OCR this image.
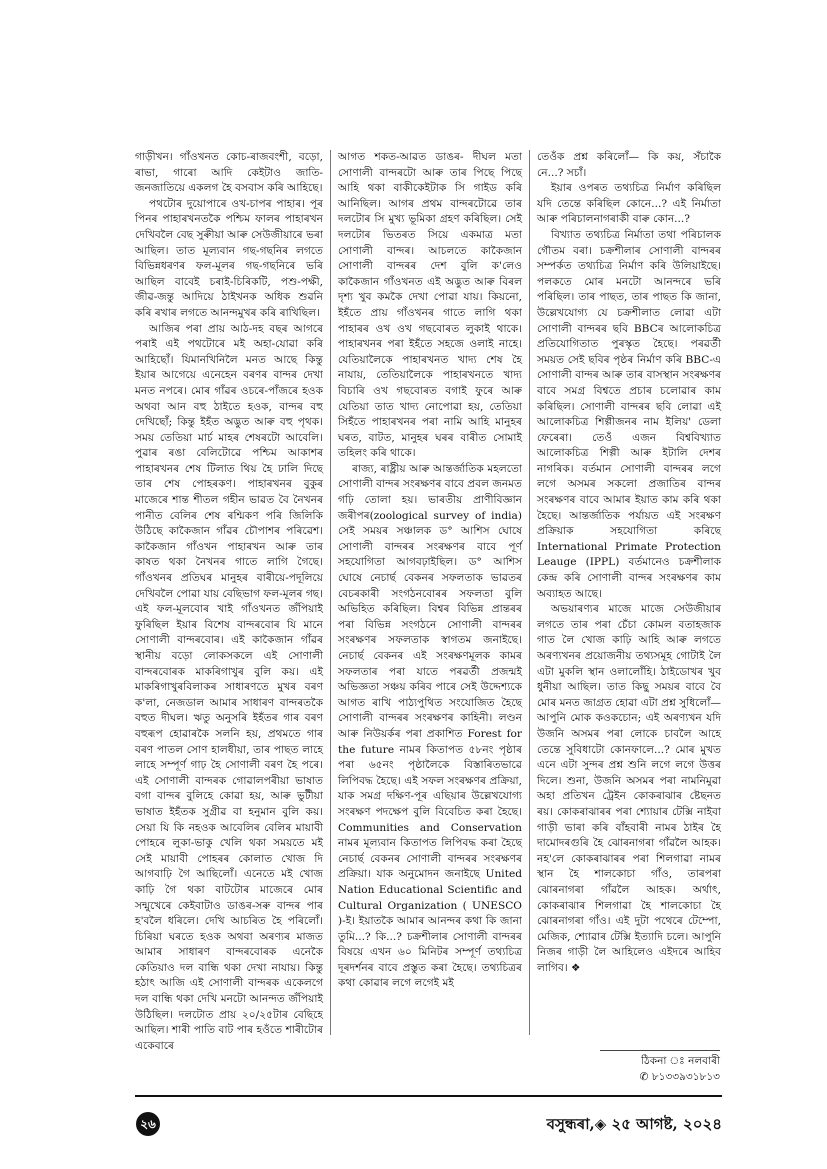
গাড়ীখন। গাঁওখনত কোচ-ৰাজবংশী, বড়ো, ৰাভা, গাৰো আদি কেইটাও জাতি-জনজাতিয়ে একলগ হৈ বসবাস কৰি আহিছে।

পথটোৰ দুয়োপাৰে ওখ-চাপৰ পাহাৰ। পূৰ পিনৰ পাহাৰখনতকৈ পশ্চিম ফালৰ পাহাৰখন দেখিবলৈ বেছ সুৰুীয়া আৰু সেউজীয়াৰে ভৰা আছিল। তাত মূল্যবান গছ-গছনিৰ লগতে বিভিন্নধৰণৰ ফল-মূলৰ গছ-গছনিৰে ভৰি আছিল বাবেই চৰাই-চিৰিকটি, পশু-পক্ষী, জীৱ-জন্তু আদিয়ে ঠাইখনক অধিক শুৱনি কৰি ৰখাৰ লগতে আনন্দমুখৰ কৰি ৰাখিছিল।

আজিৰ পৰা প্ৰায় আঠ-দহ বছৰ আগৰে পৰাই এই পথটোৰে মই অহা-যোৱা কৰি আহিছোঁ। যিমানখিনিলৈ মনত আছে কিন্তু ইয়াৰ আগেয়ে এনেহেন বৰণৰ বান্দৰ দেখা মনত নপৰে। মোৰ গাঁৱৰ ওচৰে-পাঁজৰে হওক অথবা আন বহু ঠাইতে হওক, বান্দৰ বহু দেখিছোঁ; কিন্তু ইহঁত অদ্ভুত আৰু বহু পৃথক। সময় তেতিয়া মাৰ্চ মাহৰ শেষৰটো আবেলি। পুৱাৰ ৰঙা বেলিটোৱে পশ্চিম আকাশৰ পাহাৰখনৰ শেষ টিলাত থিয় হৈ ঢালি দিছে তাৰ শেষ পোহৰকণ। পাহাৰখনৰ বুকুৰ মাজেৰে শান্ত শীতল গহীন ভাৱত বৈ নৈখনৰ পানীত বেলিৰ শেষ ৰশ্মিকণ পৰি জিলিকি উঠিছে কাকৈজান গাঁৱৰ চৌপাশৰ পৰিৱেশ। কাকৈজান গাঁওখন পাহাৰখন আৰু তাৰ কাষত থকা নৈখনৰ গাতে লাগি গৈছে। গাঁওখনৰ প্ৰতিঘৰ মানুহৰ বাৰীয়ে-পদূলিয়ে দেখিবলৈ পোৱা যায় বেছিভাগ ফল-মূলৰ গছ। এই ফল-মূলবোৰ খাই গাঁওখনত জঁপিয়াই ফুৰিছিল ইয়াৰ বিশেষ বান্দৰবোৰ যি মানে সোণালী বান্দৰবোৰ। এই কাকৈজান গাঁৱৰ স্থানীয় বড়ো লোকসকলে এই সোণালী বান্দৰবোৰক মাকৰিগাখুৰ বুলি কয়। এই মাকৰিগাখুৰবিলাকৰ সাধাৰণতে মুখৰ বৰণ ক'লা, নেজডাল আমাৰ সাধাৰণ বান্দৰতকৈ বহুত দীঘল। ঋতু অনুসৰি ইহঁতৰ গাৰ বৰণ বহুৰূপ হোৱাৰকৈ সলনি হয়, প্ৰথমতে গাৰ বৰণ পাতল সোণ হালধীয়া, তাৰ পাছত লাহে লাহে সম্পূৰ্ণ গাঢ় হৈ সোণালী বৰণ হৈ পৰে। এই সোণালী বান্দৰক গোৱালপৰীয়া ভাষাত বগা বান্দৰ বুলিহে কোৱা হয়, আৰু ভুটীয়া ভাষাত ইহঁতক সুগ্ৰীৱ বা হনুমান বুলি কয়। সেয়া যি কি নহওক আবেলিৰ বেলিৰ মায়াবী পোহৰে লুকা-ভাকু খেলি থকা সময়তে মই সেই মায়াবী পোহৰৰ কোলাত খোজ দি আগবাঢ়ি গৈ আছিলোঁ। এনেতে মই খোজ কাঢ়ি গৈ থকা বাটটোৰ মাজেৰে মোৰ সন্মুখেৰে কেইবাটাও ডাঙৰ-সৰু বান্দৰ পাৰ হ'বলৈ ধৰিলে। দেখি আচৰিত হৈ পৰিলোঁ। চিৰিয়া ঘৰতে হওক অথবা অৰণ্যৰ মাজত আমাৰ সাধাৰণ বান্দৰবোৰক এনেকৈ কেতিয়াও দল বান্ধি থকা দেখা নাযায়। কিন্তু হঠাৎ আজি এই সোণালী বান্দৰক একেলগে দল বান্ধি থকা দেখি মনটো আনন্দত জঁপিয়াই উঠিছিল। দলটোত প্ৰায় ২০/২৫টাৰ বেছিহে আছিল। শাৰী পাতি বাট পাৰ হওঁতে শাৰীটোৰ একেবাৰে

আগত শকত-আৱত ডাঙৰ- দীঘল মতা সোণালী বান্দৰটো আৰু তাৰ পিছে পিছে আহি থকা বাকীকেইটাক সি গাইড কৰি আনিছিল। আগৰ প্ৰথম বান্দৰটোৱে তাৰ দলটোৰ সি মুখ্য ভূমিকা গ্ৰহণ কৰিছিল। সেই দলটোৰ ভিতৰত সিয়ে একমাত্ৰ মতা সোণালী বান্দৰ। আচলতে কাকৈজান সোণালী বান্দৰৰ দেশ বুলি ক'লেও কাকৈজান গাঁওখনত এই অদ্ভুত আৰু বিৰল দৃশ্য খুব কমকৈ দেখা পোৱা যায়। কিয়নো, ইহঁতে প্ৰায় গাঁওখনৰ গাতে লাগি থকা পাহাৰৰ ওখ ওখ গছবোৰত লুকাই থাকে। পাহাৰখনৰ পৰা ইহঁতে সহজে ওলাই নাহে। যেতিয়ালৈকে পাহাৰখনত খাদ্য শেষ হৈ নাযায়, তেতিয়ালৈকে পাহাৰখনতে খাদ্য বিচাৰি ওখ গছবোৰত বগাই ফুৰে আৰু যেতিয়া তাত খাদ্য নোপোৱা হয়, তেতিয়া সিহঁতে পাহাৰখনৰ পৰা নামি আহি মানুহৰ ঘৰত, বাটত, মানুহৰ ঘৰৰ বাৰীত সোমাই তহিলং কৰি থাকে।

ৰাজ্য, ৰাষ্ট্ৰীয় আৰু আন্তৰ্জাতিক মহলতো সোণালী বান্দৰ সংৰক্ষণৰ বাবে প্ৰবল জনমত গঢ়ি তোলা হয়। ভাৰতীয় প্ৰাণীবিজ্ঞান জৰীপৰ(zoological survey of india) সেই সময়ৰ সঞ্চালক ড° আশিস ঘোষে সোণালী বান্দৰৰ সংৰক্ষণৰ বাবে পূৰ্ণ সহযোগিতা আগবঢ়াইছিল। ড° আশিস ঘোষে নেচাৰ্ছ বেকনৰ সফলতাক ভাৱতৰ বেচৰকাৰী সংগঠনবোৰৰ সফলতা বুলি অভিহিত কৰিছিল। বিশ্বৰ বিভিন্ন প্ৰান্তৰৰ পৰা বিভিন্ন সংগঠনে সোণালী বান্দৰৰ সংৰক্ষণৰ সফলতাক স্বাগতম জনাইছে। নেচাৰ্ছ বেকনৰ এই সংৰক্ষণমূলক কামৰ সফলতাৰ পৰা যাতে পৰৱৰ্তী প্ৰজন্মই অভিজ্ঞতা সঞ্চয় কৰিব পাৰে সেই উদ্দেশ্যকে আগত ৰাখি পাঠ্যপুথিত সংযোজিত হৈছে সোণালী বান্দৰৰ সংৰক্ষণৰ কাহিনী। লণ্ডন আৰু নিউয়ৰ্কৰ পৰা প্ৰকাশিত Forest for the future নামৰ কিতাপত ৫৮নং পৃষ্ঠাৰ পৰা ৬৫নং পৃষ্ঠালৈকে বিস্তাৰিতভাৱে লিপিবদ্ধ হৈছে। এই সফল সংৰক্ষণৰ প্ৰক্ৰিয়া, যাক সমগ্ৰ দক্ষিণ-পূৰ এছিয়াৰ উল্লেখযোগ্য সংৰক্ষণ পদক্ষেপ বুলি বিবেচিত কৰা হৈছে। Communities and Conservation নামৰ মূল্যবান কিতাপত লিপিবদ্ধ কৰা হৈছে নেচাৰ্ছ বেকনৰ সোণালী বান্দৰৰ সংৰক্ষণৰ প্ৰক্ৰিয়া। যাক অনুমোদন জনাইছে United Nation Educational Scientific and Cultural Organization ( UNESCO )-ই। ইয়াতকৈ আমাৰ আনন্দৰ কথা কি জানা তুমি...? কি...? চক্ৰশীলাৰ সোণালী বান্দৰৰ বিষয়ে এখন ৬০ মিনিটৰ সম্পূৰ্ণ তথ্যচিত্ৰ দূৰদৰ্শনৰ বাবে প্ৰস্তুত কৰা হৈছে। তথ্যচিত্ৰৰ কথা কোৱাৰ লগে লগেই মই

তেওঁক প্ৰশ্ন কৰিলোঁ— কি কয়, সঁচাকৈ নে...? সচাঁ।

ইয়াৰ ওপৰত তথ্যচিত্ৰ নিৰ্মাণ কৰিছিল যদি তেন্তে কৰিছিল কোনে...? এই নিৰ্মাতা আৰু পৰিচালনাগৰাকী বাৰু কোন...?

বিখ্যাত তথ্যচিত্ৰ নিৰ্মাতা তথা পৰিচালক গৌতম বৰা। চক্ৰশীলাৰ সোণালী বান্দৰৰ সম্পৰ্কত তথ্যচিত্ৰ নিৰ্মাণ কৰি উলিয়াইছে। পলকতে মোৰ মনটো আনন্দৰে ভৰি পৰিছিল। তাৰ পাছত, তাৰ পাছত কি জানা, উল্লেখযোগ্য যে চক্ৰশীলাত লোৱা এটা সোণালী বান্দৰৰ ছবি BBCৰ আলোকচিত্ৰ প্ৰতিযোগিতাত পুৰস্কৃত হৈছে। পৰৱৰ্তী সময়ত সেই ছবিৰ পৃষ্ঠৰ নিৰ্মাণ কৰি BBC-এ সোণালী বান্দৰ আৰু তাৰ বাসস্থান সংৰক্ষণৰ বাবে সমগ্ৰ বিশ্বতে প্ৰচাৰ চলোৱাৰ কাম কৰিছিল। সোণালী বান্দৰৰ ছবি লোৱা এই আলোকচিত্ৰ শিল্পীজনৰ নাম ইলিয়' ডেলা ফেৰেৰা। তেওঁ এজন বিশ্ববিখ্যাত আলোকচিত্ৰ শিল্পী আৰু ইটালি দেশৰ নাগৰিক। বৰ্তমান সোণালী বান্দৰৰ লগে লগে অসমৰ সকলো প্ৰজাতিৰ বান্দৰ সংৰক্ষণৰ বাবে আমাৰ ইয়াত কাম কৰি থকা হৈছে। আন্তৰ্জাতিক পৰ্যায়ত এই সংৰক্ষণ প্ৰক্ৰিয়াক সহযোগিতা কৰিছে International Primate Protection Leauge (IPPL) বৰ্তমানেও চক্ৰশীলাক কেন্দ্ৰ কৰি সোণালী বান্দৰ সংৰক্ষণৰ কাম অব্যাহত আছে।

অভয়াৰণ্যৰ মাজে মাজে সেউজীয়াৰ লগতে তাৰ পৰা চেঁচা কোমল বতাহজাক গাত লৈ খোজ কাঢ়ি আহি আৰু লগতে অৰণ্যখনৰ প্ৰয়োজনীয় তথ্যসমূহ গোটাই লৈ এটা মুকলি স্থান ওলালোঁহি। ঠাইডোখৰ খুব ধুনীয়া আছিল। তাত কিছু সময়ৰ বাবে বৈ মোৰ মনত জাগ্ৰত হোৱা এটা প্ৰশ্ন সুধিলোঁ— আপুনি মোক কওকচোন; এই অৰণ্যখন যদি উজনি অসমৰ পৰা লোকে চাবলৈ আহে তেন্তে সুবিধাটো কোনফালে...? মোৰ মুখত এনে এটা সুন্দৰ প্ৰশ্ন শুনি লগে লগে উত্তৰ দিলে। শুনা, উজনি অসমৰ পৰা নামনিমুৱা অহা প্ৰতিখন ট্ৰেইন কোকৰাঝাৰ ষ্টেছনত ৰয়। কোকৰাঝাৰৰ পৰা শ্যোয়াৰ টেক্সি নাইবা গাড়ী ভাৰা কৰি বাঁহবাৰী নামৰ ঠাইৰ হৈ দামোদৰগুৰি হৈ ঝোৰনাগৰা গাঁৱলৈ আহক। নহ'লে কোকৰাঝাৰৰ পৰা শিলগাৱা নামৰ স্থান হৈ শালকোচা গাঁও, তাৰপৰা ঝোৰনাগৰা গাঁৱলৈ আহক। অৰ্থাৎ, কোকৰাঝাৰ শিলগাৱা হৈ শালকোচা হৈ ঝোৰনাগৰা গাঁও। এই দুটা পথেৰে টেম্পো, মেজিক, শ্যোৱাৰ টেক্সি ইত্যাদি চলে। আপুনি নিজৰ গাড়ী লৈ আহিলেও এইদৰে আহিব লাগিব। ❖

ঠিকনা ঃ নলবাৰী
✆ ৮১৩৩৯৩১৮১৩
২৬	বসুন্ধৰা,◈ ২৫ আগষ্ট, ২০২৪
